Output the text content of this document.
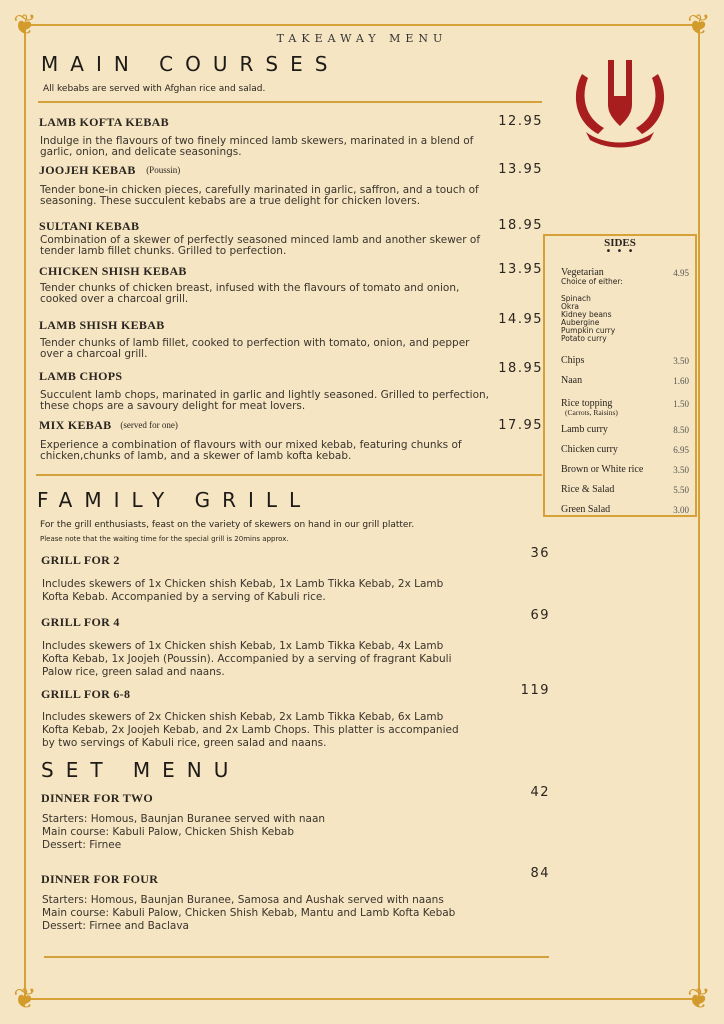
❦	❦
❦	❦
TAKEAWAY MENU
MAIN COURSES
All kebabs are served with Afghan rice and salad.
LAMB KOFTA KEBAB	12.95
Indulge in the flavours of two finely minced lamb skewers, marinated in a blend of garlic, onion, and delicate seasonings.
JOOJEH KEBAB (Poussin)	13.95
Tender bone-in chicken pieces, carefully marinated in garlic, saffron, and a touch of seasoning. These succulent kebabs are a true delight for chicken lovers.
SULTANI KEBAB	18.95
Combination of a skewer of perfectly seasoned minced lamb and another skewer of tender lamb fillet chunks. Grilled to perfection.
CHICKEN SHISH KEBAB	13.95
Tender chunks of chicken breast, infused with the flavours of tomato and onion, cooked over a charcoal grill.
LAMB SHISH KEBAB	14.95
Tender chunks of lamb fillet, cooked to perfection with tomato, onion, and pepper over a charcoal grill.
LAMB CHOPS	18.95
Succulent lamb chops, marinated in garlic and lightly seasoned. Grilled to perfection, these chops are a savoury delight for meat lovers.
MIX KEBAB (served for one)	17.95
Experience a combination of flavours with our mixed kebab, featuring chunks of chicken,chunks of lamb, and a skewer of lamb kofta kebab.
SIDES
• • •
Vegetarian	4.95
Choice of either:
Spinach
Okra
Kidney beans
Aubergine
Pumpkin curry
Potato curry
Chips	3.50
Naan	1.60
Rice topping	1.50
(Carrots, Raisins)
Lamb curry	8.50
Chicken curry	6.95
Brown or White rice	3.50
Rice & Salad	5.50
Green Salad	3.00
FAMILY GRILL
For the grill enthusiasts, feast on the variety of skewers on hand in our grill platter.
Please note that the waiting time for the special grill is 20mins approx.
GRILL FOR 2	36
Includes skewers of 1x Chicken shish Kebab, 1x Lamb Tikka Kebab, 2x Lamb Kofta Kebab. Accompanied by a serving of Kabuli rice.
GRILL FOR 4	69
Includes skewers of 1x Chicken shish Kebab, 1x Lamb Tikka Kebab, 4x Lamb Kofta Kebab, 1x Joojeh (Poussin). Accompanied by a serving of fragrant Kabuli Palow rice, green salad and naans.
GRILL FOR 6-8	119
Includes skewers of 2x Chicken shish Kebab, 2x Lamb Tikka Kebab, 6x Lamb Kofta Kebab, 2x Joojeh Kebab, and 2x Lamb Chops. This platter is accompanied by two servings of Kabuli rice, green salad and naans.
SET MENU
DINNER FOR TWO	42
Starters: Homous, Baunjan Buranee served with naan
Main course: Kabuli Palow, Chicken Shish Kebab
Dessert: Firnee
DINNER FOR FOUR	84
Starters: Homous, Baunjan Buranee, Samosa and Aushak served with naans
Main course: Kabuli Palow, Chicken Shish Kebab, Mantu and Lamb Kofta Kebab
Dessert: Firnee and Baclava
